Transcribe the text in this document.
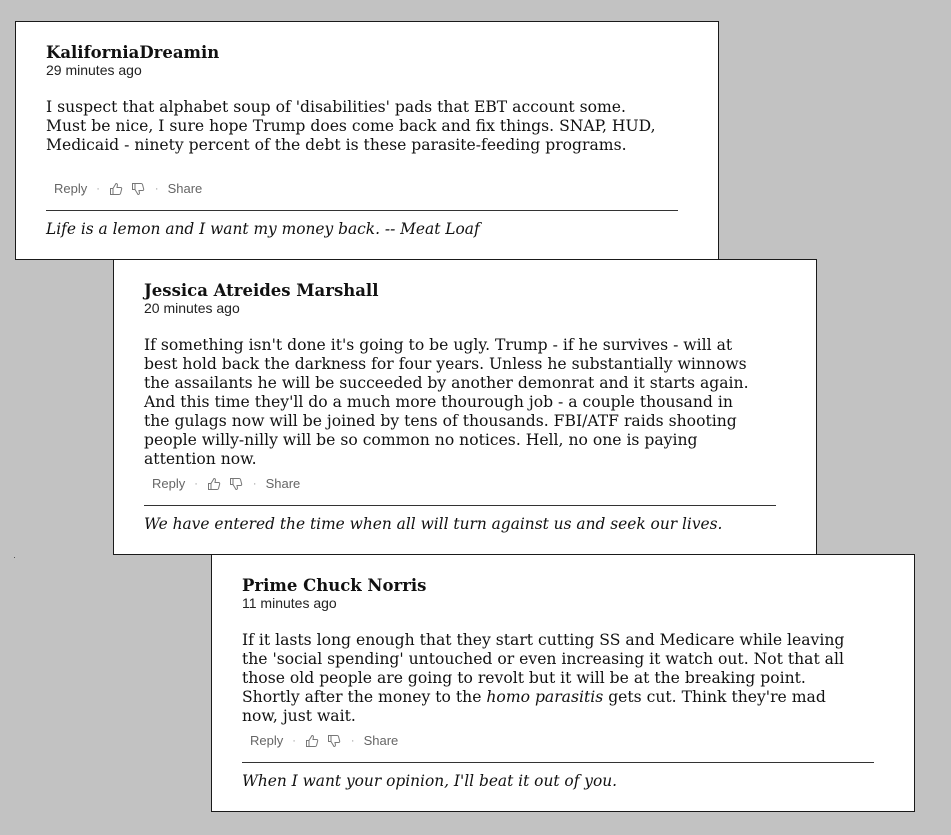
KaliforniaDreamin
29 minutes ago
I suspect that alphabet soup of 'disabilities' pads that EBT account some.
Must be nice, I sure hope Trump does come back and fix things. SNAP, HUD,
Medicaid - ninety percent of the debt is these parasite-feeding programs.
Reply ·	· Share
Life is a lemon and I want my money back. -- Meat Loaf
Jessica Atreides Marshall
20 minutes ago
If something isn't done it's going to be ugly. Trump - if he survives - will at
best hold back the darkness for four years. Unless he substantially winnows
the assailants he will be succeeded by another demonrat and it starts again.
And this time they'll do a much more thourough job - a couple thousand in
the gulags now will be joined by tens of thousands. FBI/ATF raids shooting
people willy-nilly will be so common no notices. Hell, no one is paying
attention now.
Reply ·	· Share
We have entered the time when all will turn against us and seek our lives.
Prime Chuck Norris
11 minutes ago
If it lasts long enough that they start cutting SS and Medicare while leaving
the 'social spending' untouched or even increasing it watch out. Not that all
those old people are going to revolt but it will be at the breaking point.
Shortly after the money to the homo parasitis gets cut. Think they're mad
now, just wait.
Reply ·	· Share
When I want your opinion, I'll beat it out of you.
